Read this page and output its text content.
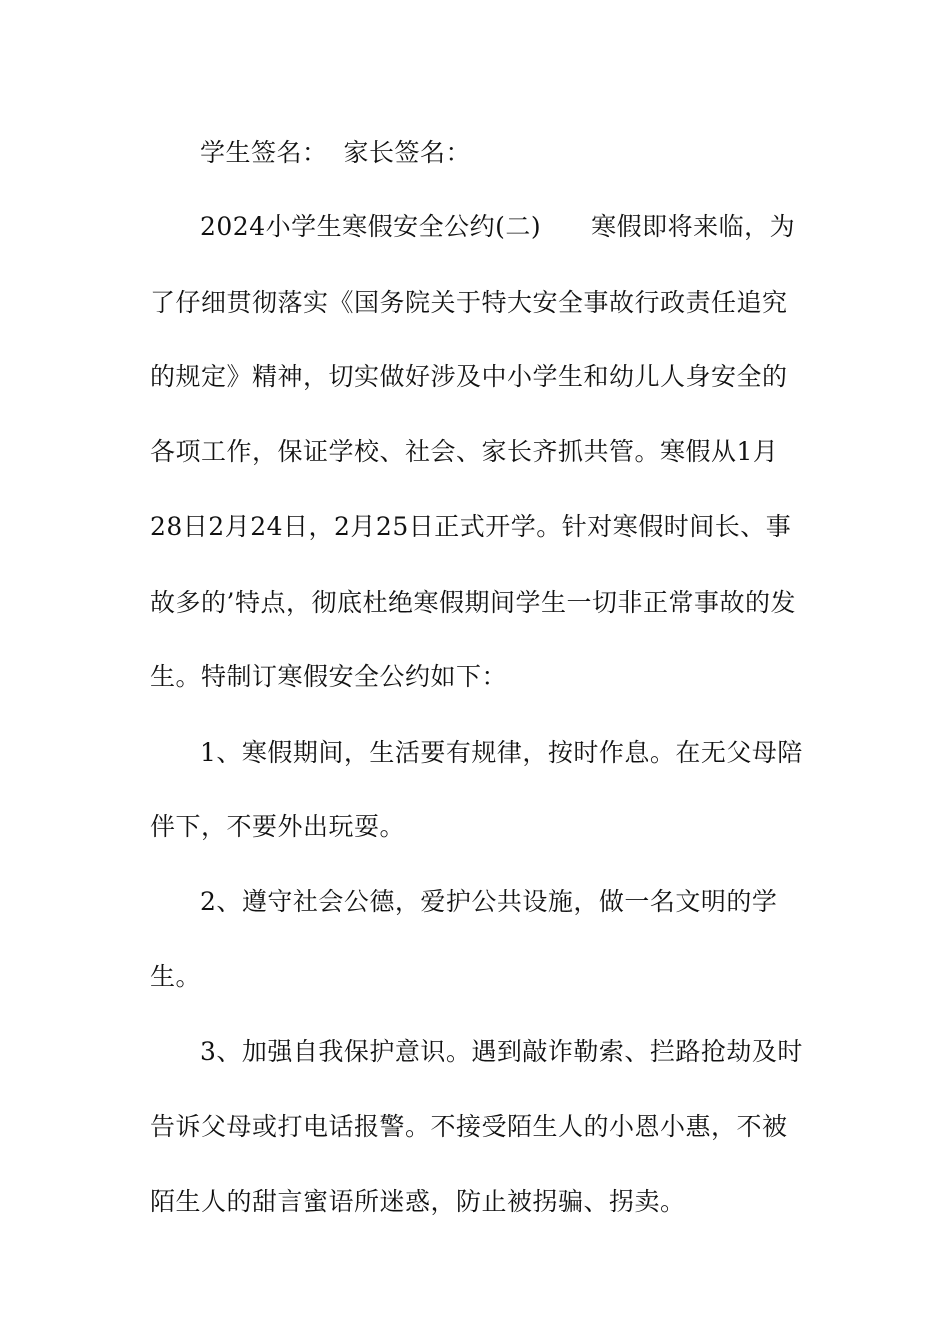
学生签名： 家长签名：
2024小学生寒假安全公约(二) 寒假即将来临，为
了仔细贯彻落实《国务院关于特大安全事故行政责任追究
的规定》精神，切实做好涉及中小学生和幼儿人身安全的
各项工作，保证学校、社会、家长齐抓共管。寒假从1月
28日2月24日，2月25日正式开学。针对寒假时间长、事
故多的’特点，彻底杜绝寒假期间学生一切非正常事故的发
生。特制订寒假安全公约如下：
1、寒假期间，生活要有规律，按时作息。在无父母陪
伴下，不要外出玩耍。
2、遵守社会公德，爱护公共设施，做一名文明的学
生。
3、加强自我保护意识。遇到敲诈勒索、拦路抢劫及时
告诉父母或打电话报警。不接受陌生人的小恩小惠，不被
陌生人的甜言蜜语所迷惑，防止被拐骗、拐卖。
